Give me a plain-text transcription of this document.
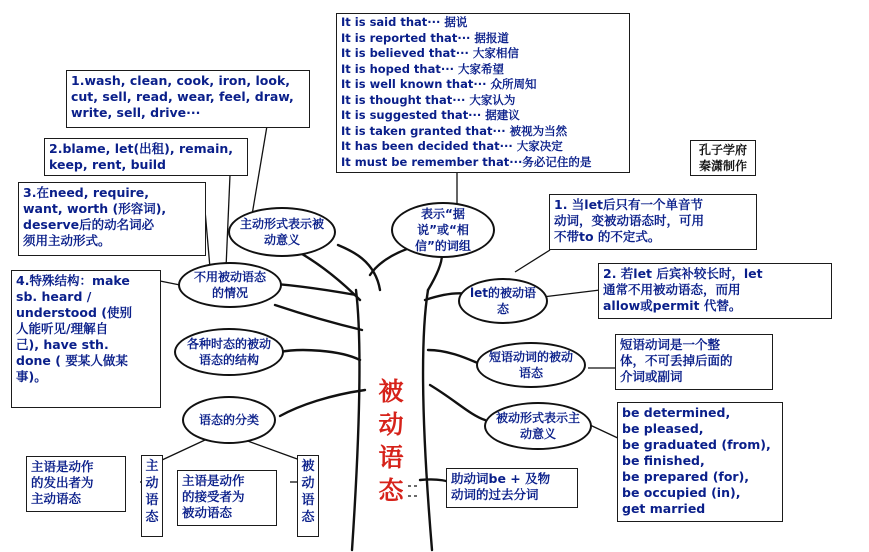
It is said that··· 据说
It is reported that··· 据报道
It is believed that··· 大家相信
It is hoped that··· 大家希望
It is well known that··· 众所周知
It is thought that··· 大家认为
It is suggested that··· 据建议
It is taken granted that··· 被视为当然
It has been decided that··· 大家决定
It must be remember that···务必记住的是
孔子学府
秦潇制作
1.wash, clean, cook, iron, look,
cut, sell, read, wear, feel, draw,
write, sell, drive···
2.blame, let(出租), remain,
keep, rent, build
3.在need, require,
want, worth (形容词),
deserve后的动名词必
须用主动形式。
4.特殊结构：make
sb. heard /
understood (使别
人能听见/理解自
己), have sth.
done ( 要某人做某
事)。
1. 当let后只有一个单音节
动词，变被动语态时，可用
不带to 的不定式。
2. 若let 后宾补较长时，let
通常不用被动语态，而用
allow或permit 代替。
短语动词是一个整
体，不可丢掉后面的
介词或副词
be determined,
be pleased,
be graduated (from),
be finished,
be prepared (for),
be occupied (in),
get married
助动词be + 及物
动词的过去分词
主语是动作
的发出者为
主动语态
主
动
语
态
主语是动作
的接受者为
被动语态
被
动
语
态
主动形式表示被动意义
表示“据说”或“相信”的词组
不用被动语态的情况	let的被动语态
各种时态的被动语态的结构	短语动词的被动语态
语态的分类	被动形式表示主动意义
被
动
语
态
